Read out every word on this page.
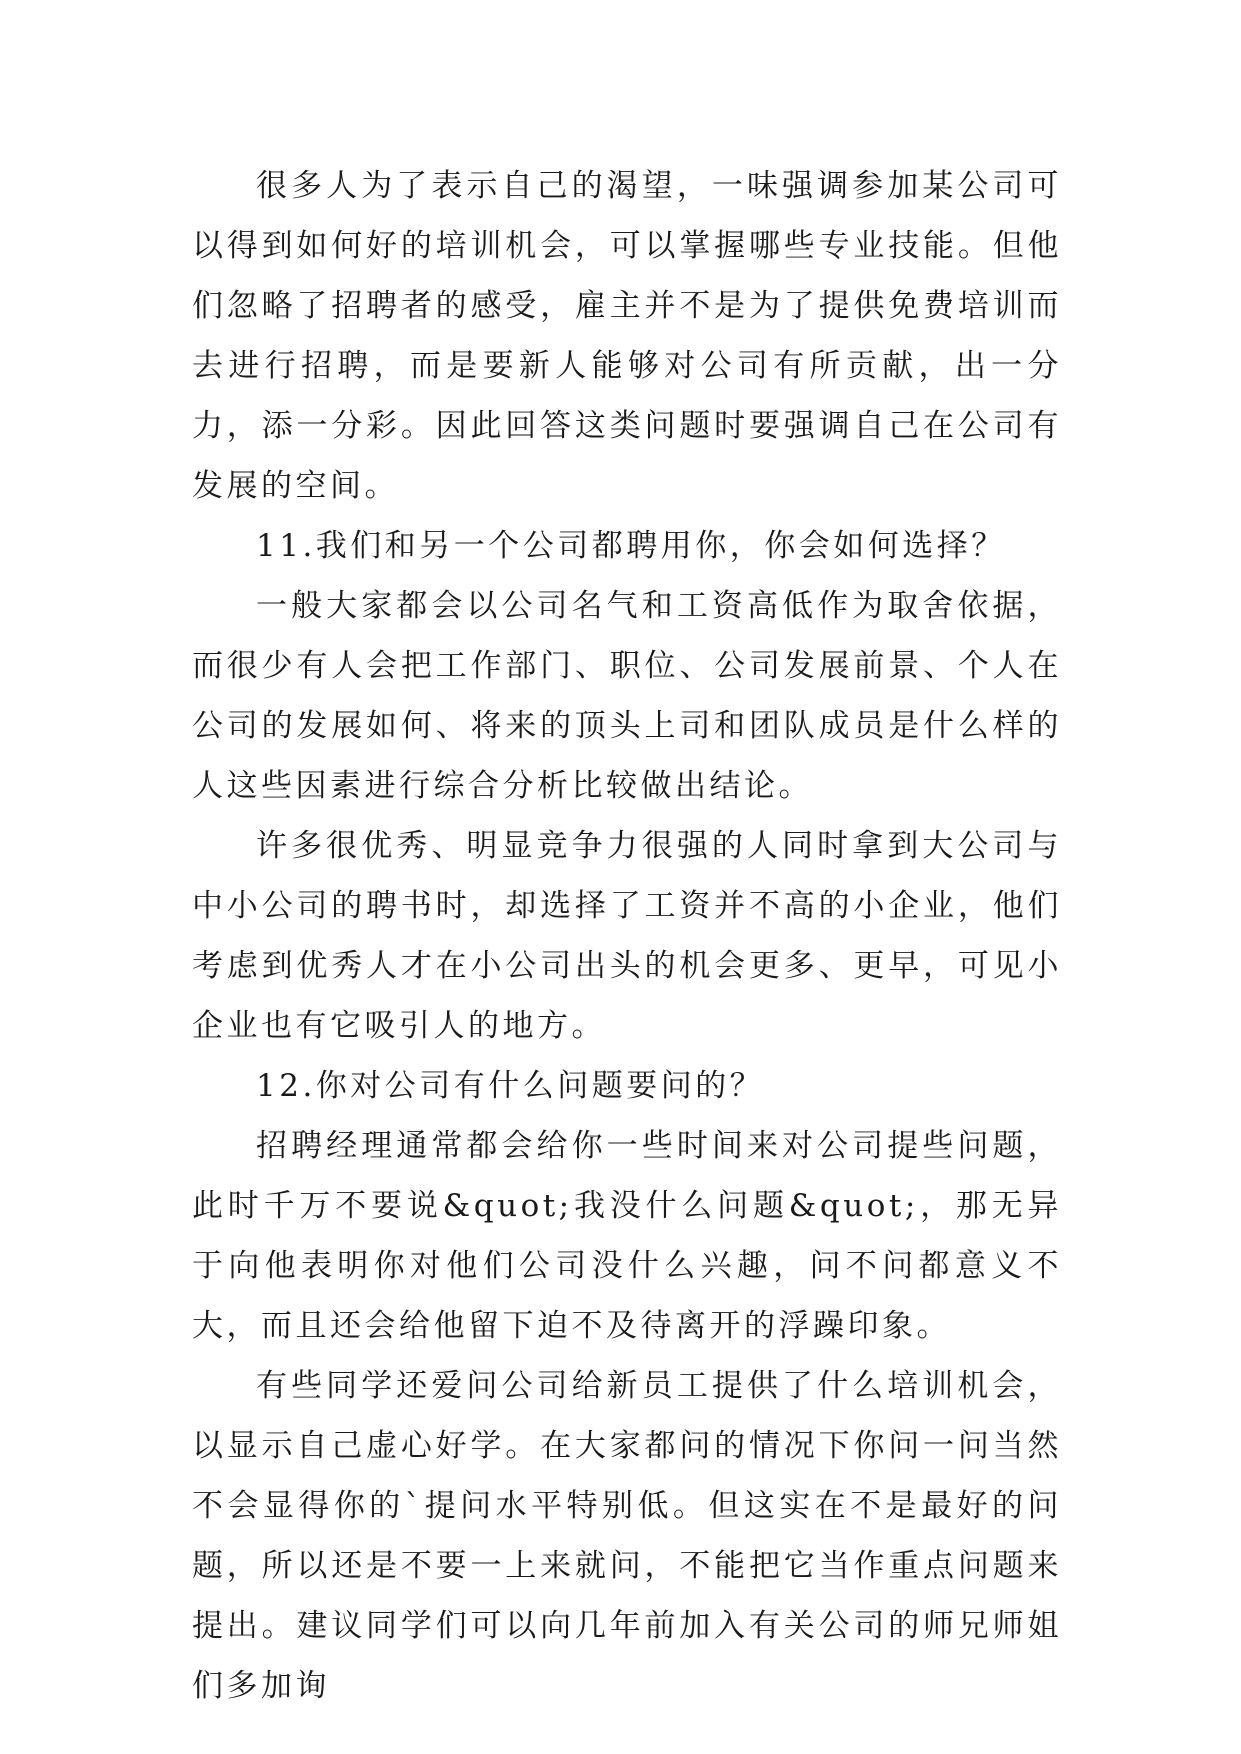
很多人为了表示自己的渴望，一味强调参加某公司可以得到如何好的培训机会，可以掌握哪些专业技能。但他们忽略了招聘者的感受，雇主并不是为了提供免费培训而去进行招聘，而是要新人能够对公司有所贡献，出一分力，添一分彩。因此回答这类问题时要强调自己在公司有发展的空间。

11.我们和另一个公司都聘用你，你会如何选择？

一般大家都会以公司名气和工资高低作为取舍依据，而很少有人会把工作部门、职位、公司发展前景、个人在公司的发展如何、将来的顶头上司和团队成员是什么样的人这些因素进行综合分析比较做出结论。

许多很优秀、明显竞争力很强的人同时拿到大公司与中小公司的聘书时，却选择了工资并不高的小企业，他们考虑到优秀人才在小公司出头的机会更多、更早，可见小企业也有它吸引人的地方。

12.你对公司有什么问题要问的？

招聘经理通常都会给你一些时间来对公司提些问题，此时千万不要说&quot;我没什么问题&quot;，那无异于向他表明你对他们公司没什么兴趣，问不问都意义不大，而且还会给他留下迫不及待离开的浮躁印象。

有些同学还爱问公司给新员工提供了什么培训机会，以显示自己虚心好学。在大家都问的情况下你问一问当然不会显得你的`提问水平特别低。但这实在不是最好的问题，所以还是不要一上来就问，不能把它当作重点问题来提出。建议同学们可以向几年前加入有关公司的师兄师姐们多加询
